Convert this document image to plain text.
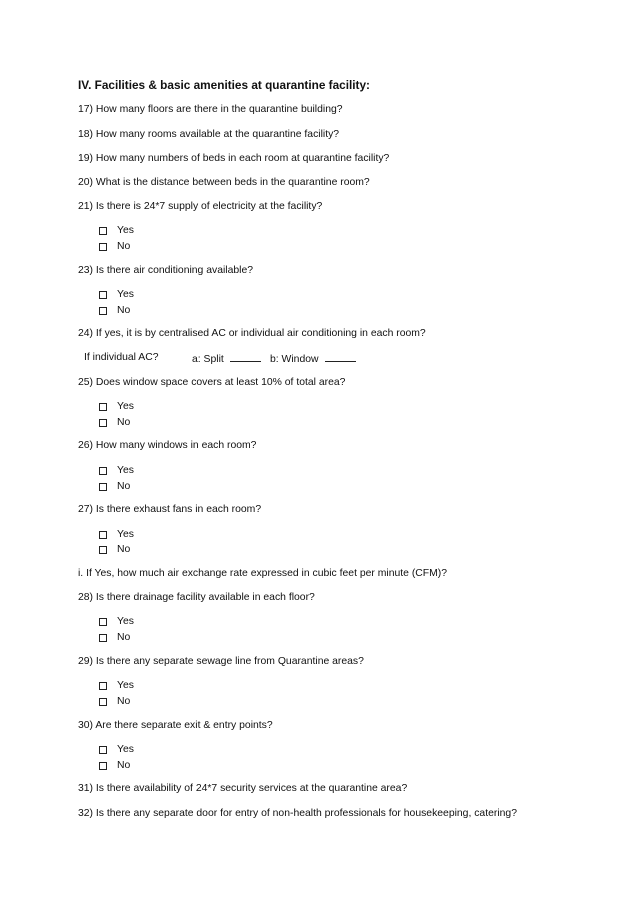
IV. Facilities & basic amenities at quarantine facility:
17) How many floors are there in the quarantine building?
18) How many rooms available at the quarantine facility?
19) How many numbers of beds in each room at quarantine facility?
20) What is the distance between beds in the quarantine room?
21) Is there is 24*7 supply of electricity at the facility?
Yes
No
23) Is there air conditioning available?
Yes
No
24) If yes, it is by centralised AC or individual air conditioning in each room?
If individual AC?	a: Split	b: Window
25) Does window space covers at least 10% of total area?
Yes
No
26) How many windows in each room?
Yes
No
27) Is there exhaust fans in each room?
Yes
No
i. If Yes, how much air exchange rate expressed in cubic feet per minute (CFM)?
28) Is there drainage facility available in each floor?
Yes
No
29) Is there any separate sewage line from Quarantine areas?
Yes
No
30) Are there separate exit & entry points?
Yes
No
31) Is there availability of 24*7 security services at the quarantine area?
32) Is there any separate door for entry of non-health professionals for housekeeping, catering?
